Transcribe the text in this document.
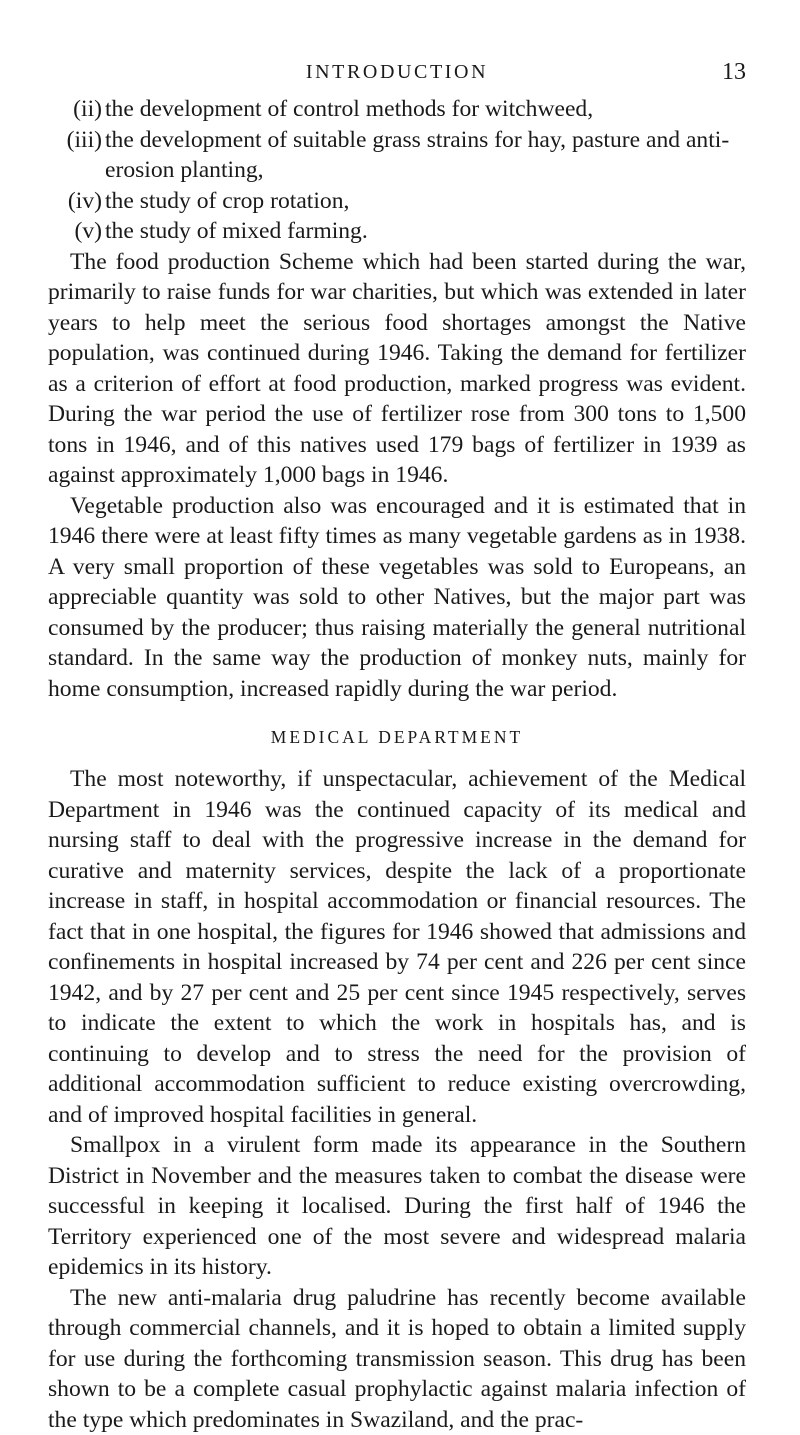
INTRODUCTION	13

(ii) the development of control methods for witchweed,

(iii) the development of suitable grass strains for hay, pasture and anti-erosion planting,

(iv) the study of crop rotation,

(v) the study of mixed farming.

The food production Scheme which had been started during the war, primarily to raise funds for war charities, but which was extended in later years to help meet the serious food shortages amongst the Native population, was continued during 1946. Taking the demand for fertilizer as a criterion of effort at food production, marked progress was evident. During the war period the use of fertilizer rose from 300 tons to 1,500 tons in 1946, and of this natives used 179 bags of fertilizer in 1939 as against approximately 1,000 bags in 1946.

Vegetable production also was encouraged and it is estimated that in 1946 there were at least fifty times as many vegetable gardens as in 1938. A very small proportion of these vegetables was sold to Europeans, an appreciable quantity was sold to other Natives, but the major part was consumed by the producer; thus raising materially the general nutritional standard. In the same way the production of monkey nuts, mainly for home consumption, increased rapidly during the war period.

MEDICAL DEPARTMENT

The most noteworthy, if unspectacular, achievement of the Medical Department in 1946 was the continued capacity of its medical and nursing staff to deal with the progressive increase in the demand for curative and maternity services, despite the lack of a proportionate increase in staff, in hospital accommodation or financial resources. The fact that in one hospital, the figures for 1946 showed that admissions and confinements in hospital increased by 74 per cent and 226 per cent since 1942, and by 27 per cent and 25 per cent since 1945 respectively, serves to indicate the extent to which the work in hospitals has, and is continuing to develop and to stress the need for the provision of additional accommodation sufficient to reduce existing overcrowding, and of improved hospital facilities in general.

Smallpox in a virulent form made its appearance in the Southern District in November and the measures taken to combat the disease were successful in keeping it localised. During the first half of 1946 the Territory experienced one of the most severe and widespread malaria epidemics in its history.

The new anti-malaria drug paludrine has recently become available through commercial channels, and it is hoped to obtain a limited supply for use during the forthcoming transmission season. This drug has been shown to be a complete casual prophylactic against malaria infection of the type which predominates in Swaziland, and the prac-
